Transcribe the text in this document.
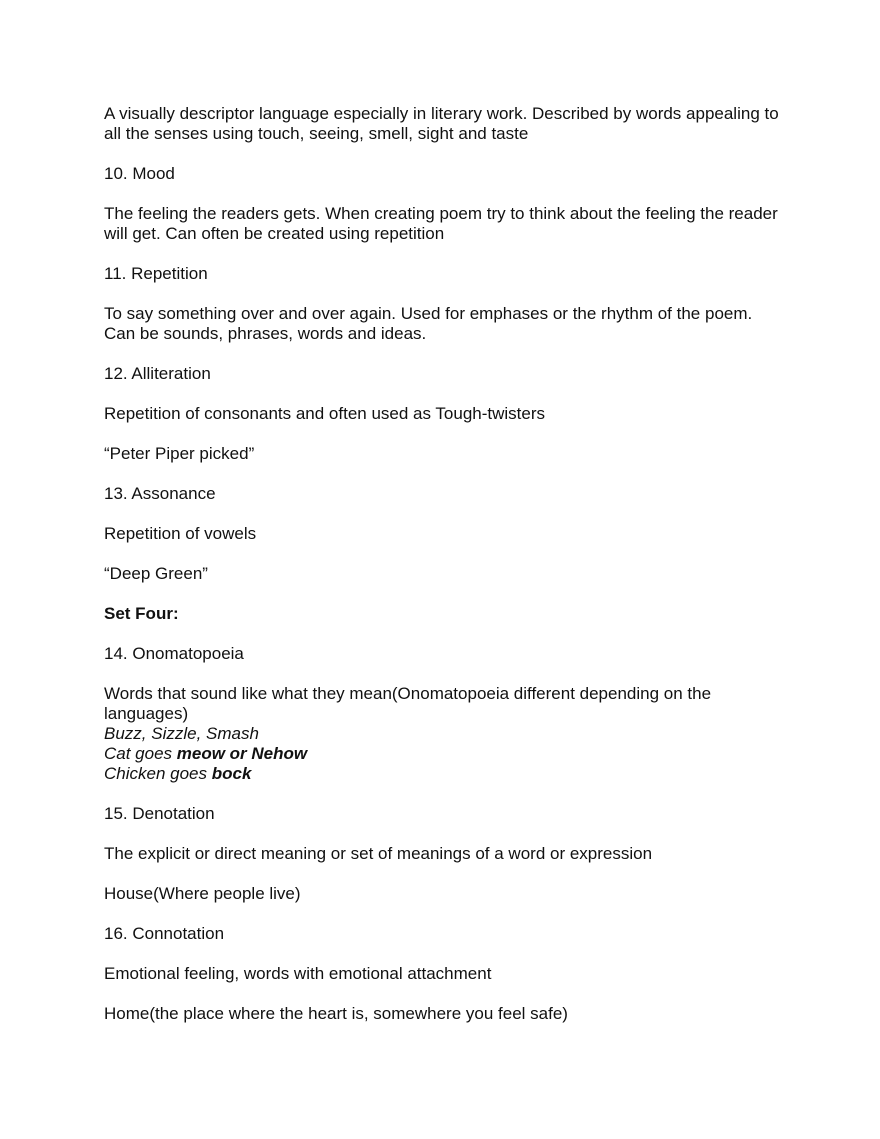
A visually descriptor language especially in literary work. Described by words appealing to all the senses using touch, seeing, smell, sight and taste

10. Mood

The feeling the readers gets. When creating poem try to think about the feeling the reader will get. Can often be created using repetition

11. Repetition

To say something over and over again. Used for emphases or the rhythm of the poem. Can be sounds, phrases, words and ideas.

12. Alliteration

Repetition of consonants and often used as Tough-twisters

“Peter Piper picked”

13. Assonance

Repetition of vowels

“Deep Green”

Set Four:

14. Onomatopoeia

Words that sound like what they mean(Onomatopoeia different depending on the languages)

Buzz, Sizzle, Smash

Cat goes meow or Nehow

Chicken goes bock

15. Denotation

The explicit or direct meaning or set of meanings of a word or expression

House(Where people live)

16. Connotation

Emotional feeling, words with emotional attachment

Home(the place where the heart is, somewhere you feel safe)
